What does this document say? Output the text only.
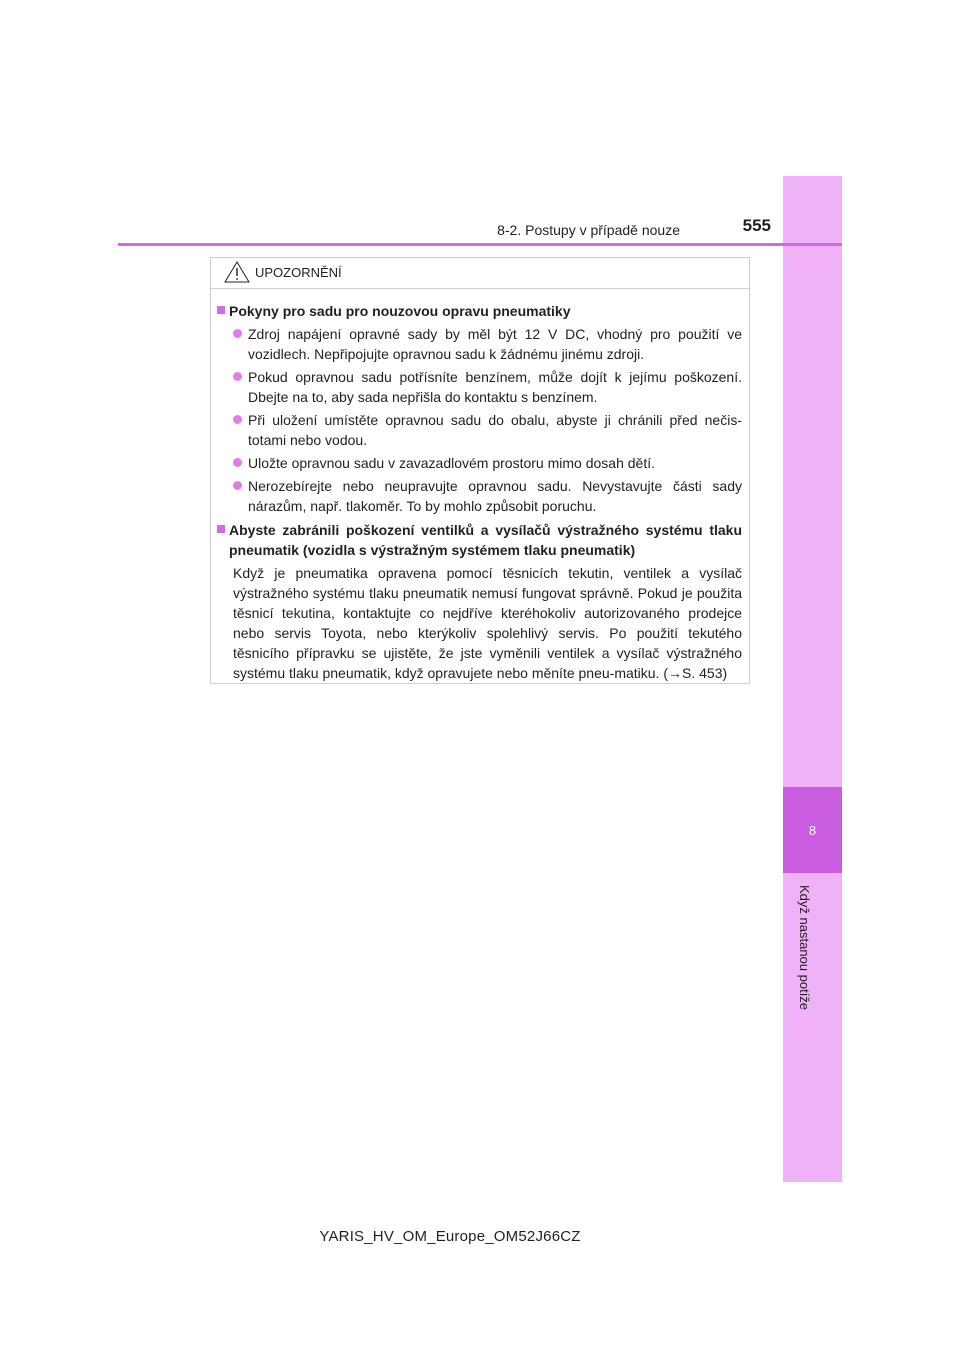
8
Když nastanou potíže
8-2. Postupy v případě nouze	555
UPOZORNĚNÍ
Pokyny pro sadu pro nouzovou opravu pneumatiky
Zdroj napájení opravné sady by měl být 12 V DC, vhodný pro použití ve vozidlech. Nepřipojujte opravnou sadu k žádnému jinému zdroji.
Pokud opravnou sadu potřísníte benzínem, může dojít k jejímu poškození. Dbejte na to, aby sada nepřišla do kontaktu s benzínem.
Při uložení umístěte opravnou sadu do obalu, abyste ji chránili před nečis-totami nebo vodou.
Uložte opravnou sadu v zavazadlovém prostoru mimo dosah dětí.
Nerozebírejte nebo neupravujte opravnou sadu. Nevystavujte části sady nárazům, např. tlakoměr. To by mohlo způsobit poruchu.
Abyste zabránili poškození ventilků a vysílačů výstražného systému tlaku pneumatik (vozidla s výstražným systémem tlaku pneumatik)
Když je pneumatika opravena pomocí těsnicích tekutin, ventilek a vysílač výstražného systému tlaku pneumatik nemusí fungovat správně. Pokud je použita těsnicí tekutina, kontaktujte co nejdříve kteréhokoliv autorizovaného prodejce nebo servis Toyota, nebo kterýkoliv spolehlivý servis. Po použití tekutého těsnicího přípravku se ujistěte, že jste vyměnili ventilek a vysílač výstražného systému tlaku pneumatik, když opravujete nebo měníte pneu-matiku. (→S. 453)
YARIS_HV_OM_Europe_OM52J66CZ
